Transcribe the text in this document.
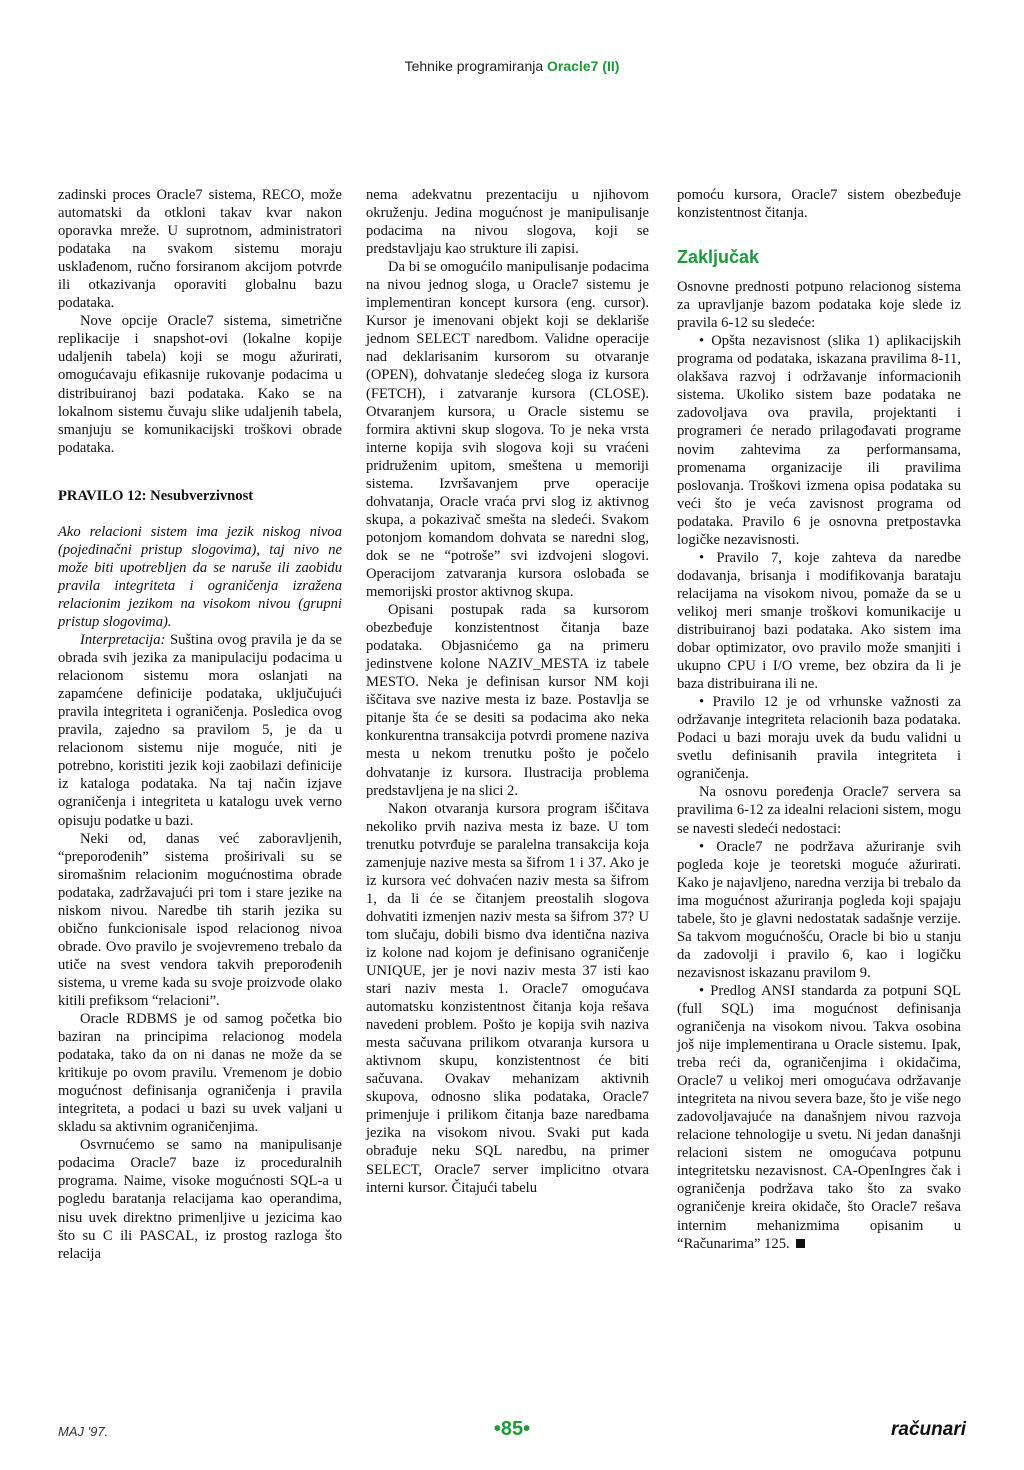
Tehnike programiranja Oracle7 (II)

zadinski proces Oracle7 sistema, RECO, može automatski da otkloni takav kvar nakon oporavka mreže. U suprotnom, administratori podataka na svakom sistemu moraju usklađenom, ručno forsiranom akcijom potvrde ili otkazivanja oporaviti globalnu bazu podataka.

Nove opcije Oracle7 sistema, simetrične replikacije i snapshot-ovi (lokalne kopije udaljenih tabela) koji se mogu ažurirati, omogućavaju efikasnije rukovanje podacima u distribuiranoj bazi podataka. Kako se na lokalnom sistemu čuvaju slike udaljenih tabela, smanjuju se komunikacijski troškovi obrade podataka.

PRAVILO 12: Nesubverzivnost

Ako relacioni sistem ima jezik niskog nivoa (pojedinačni pristup slogovima), taj nivo ne može biti upotrebljen da se naruše ili zaobidu pravila integriteta i ograničenja izražena relacionim jezikom na visokom nivou (grupni pristup slogovima).

Interpretacija: Suština ovog pravila je da se obrada svih jezika za manipulaciju podacima u relacionom sistemu mora oslanjati na zapamćene definicije podataka, uključujući pravila integriteta i ograničenja. Posledica ovog pravila, zajedno sa pravilom 5, je da u relacionom sistemu nije moguće, niti je potrebno, koristiti jezik koji zaobilazi definicije iz kataloga podataka. Na taj način izjave ograničenja i integriteta u katalogu uvek verno opisuju podatke u bazi.

Neki od, danas već zaboravljenih, “preporođenih” sistema proširivali su se siromašnim relacionim mogućnostima obrade podataka, zadržavajući pri tom i stare jezike na niskom nivou. Naredbe tih starih jezika su obično funkcionisale ispod relacionog nivoa obrade. Ovo pravilo je svojevremeno trebalo da utiče na svest vendora takvih preporođenih sistema, u vreme kada su svoje proizvode olako kitili prefiksom “relacioni”.

Oracle RDBMS je od samog početka bio baziran na principima relacionog modela podataka, tako da on ni danas ne može da se kritikuje po ovom pravilu. Vremenom je dobio mogućnost definisanja ograničenja i pravila integriteta, a podaci u bazi su uvek valjani u skladu sa aktivnim ograničenjima.

Osvrnućemo se samo na manipulisanje podacima Oracle7 baze iz proceduralnih programa. Naime, visoke mogućnosti SQL-a u pogledu baratanja relacijama kao operandima, nisu uvek direktno primenljive u jezicima kao što su C ili PASCAL, iz prostog razloga što relacija

nema adekvatnu prezentaciju u njihovom okruženju. Jedina mogućnost je manipulisanje podacima na nivou slogova, koji se predstavljaju kao strukture ili zapisi.

Da bi se omogućilo manipulisanje podacima na nivou jednog sloga, u Oracle7 sistemu je implementiran koncept kursora (eng. cursor). Kursor je imenovani objekt koji se deklariše jednom SELECT naredbom. Validne operacije nad deklarisanim kursorom su otvaranje (OPEN), dohvatanje sledećeg sloga iz kursora (FETCH), i zatvaranje kursora (CLOSE). Otvaranjem kursora, u Oracle sistemu se formira aktivni skup slogova. To je neka vrsta interne kopija svih slogova koji su vraćeni pridruženim upitom, smeštena u memoriji sistema. Izvršavanjem prve operacije dohvatanja, Oracle vraća prvi slog iz aktivnog skupa, a pokazivač smešta na sledeći. Svakom potonjom komandom dohvata se naredni slog, dok se ne “potroše” svi izdvojeni slogovi. Operacijom zatvaranja kursora oslobađa se memorijski prostor aktivnog skupa.

Opisani postupak rada sa kursorom obezbeđuje konzistentnost čitanja baze podataka. Objasnićemo ga na primeru jedinstvene kolone NAZIV_MESTA iz tabele MESTO. Neka je definisan kursor NM koji iščitava sve nazive mesta iz baze. Postavlja se pitanje šta će se desiti sa podacima ako neka konkurentna transakcija potvrdi promene naziva mesta u nekom trenutku pošto je počelo dohvatanje iz kursora. Ilustracija problema predstavljena je na slici 2.

Nakon otvaranja kursora program iščitava nekoliko prvih naziva mesta iz baze. U tom trenutku potvrđuje se paralelna transakcija koja zamenjuje nazive mesta sa šifrom 1 i 37. Ako je iz kursora već dohvaćen naziv mesta sa šifrom 1, da li će se čitanjem preostalih slogova dohvatiti izmenjen naziv mesta sa šifrom 37? U tom slučaju, dobili bismo dva identična naziva iz kolone nad kojom je definisano ograničenje UNIQUE, jer je novi naziv mesta 37 isti kao stari naziv mesta 1. Oracle7 omogućava automatsku konzistentnost čitanja koja rešava navedeni problem. Pošto je kopija svih naziva mesta sačuvana prilikom otvaranja kursora u aktivnom skupu, konzistentnost će biti sačuvana. Ovakav mehanizam aktivnih skupova, odnosno slika podataka, Oracle7 primenjuje i prilikom čitanja baze naredbama jezika na visokom nivou. Svaki put kada obrađuje neku SQL naredbu, na primer SELECT, Oracle7 server implicitno otvara interni kursor. Čitajući tabelu

pomoću kursora, Oracle7 sistem obezbeđuje konzistentnost čitanja.

Zaključak

Osnovne prednosti potpuno relacionog sistema za upravljanje bazom podataka koje slede iz pravila 6-12 su sledeće:

• Opšta nezavisnost (slika 1) aplikacijskih programa od podataka, iskazana pravilima 8-11, olakšava razvoj i održavanje informacionih sistema. Ukoliko sistem baze podataka ne zadovoljava ova pravila, projektanti i programeri će nerado prilagođavati programe novim zahtevima za performansama, promenama organizacije ili pravilima poslovanja. Troškovi izmena opisa podataka su veći što je veća zavisnost programa od podataka. Pravilo 6 je osnovna pretpostavka logičke nezavisnosti.

• Pravilo 7, koje zahteva da naredbe dodavanja, brisanja i modifikovanja barataju relacijama na visokom nivou, pomaže da se u velikoj meri smanje troškovi komunikacije u distribuiranoj bazi podataka. Ako sistem ima dobar optimizator, ovo pravilo može smanjiti i ukupno CPU i I/O vreme, bez obzira da li je baza distribuirana ili ne.

• Pravilo 12 je od vrhunske važnosti za održavanje integriteta relacionih baza podataka. Podaci u bazi moraju uvek da budu validni u svetlu definisanih pravila integriteta i ograničenja.

Na osnovu poređenja Oracle7 servera sa pravilima 6-12 za idealni relacioni sistem, mogu se navesti sledeći nedostaci:

• Oracle7 ne podržava ažuriranje svih pogleda koje je teoretski moguće ažurirati. Kako je najavljeno, naredna verzija bi trebalo da ima mogućnost ažuriranja pogleda koji spajaju tabele, što je glavni nedostatak sadašnje verzije. Sa takvom mogućnošću, Oracle bi bio u stanju da zadovolji i pravilo 6, kao i logičku nezavisnost iskazanu pravilom 9.

• Predlog ANSI standarda za potpuni SQL (full SQL) ima mogućnost definisanja ograničenja na visokom nivou. Takva osobina još nije implementirana u Oracle sistemu. Ipak, treba reći da, ograničenjima i okidačima, Oracle7 u velikoj meri omogućava održavanje integriteta na nivou severa baze, što je više nego zadovoljavajuće na današnjem nivou razvoja relacione tehnologije u svetu. Ni jedan današnji relacioni sistem ne omogućava potpunu integritetsku nezavisnost. CA-OpenIngres čak i ograničenja podržava tako što za svako ograničenje kreira okidače, što Oracle7 rešava internim mehanizmima opisanim u “Računarima” 125.

MAJ '97.	•85•	računari
